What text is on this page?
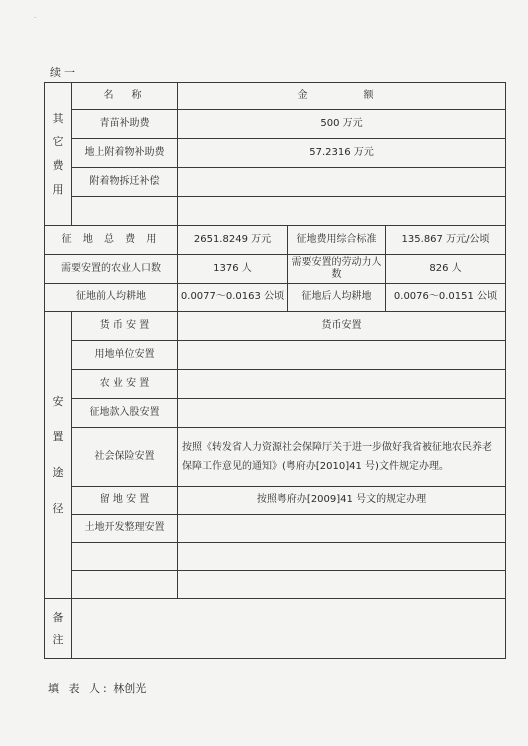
·
续一
其
它
费
用	名　称	金　　额		
	青苗补助费	500 万元		
	地上附着物补助费	57.2316 万元		
	附着物拆迁补偿			

征 地 总 费 用		2651.8249 万元	征地费用综合标准	135.867 万元/公顷
需要安置的农业人口数		1376 人	需要安置的劳动力人数	826 人
征地前人均耕地		0.0077～0.0163 公顷	征地后人均耕地	0.0076～0.0151 公顷

安
置
途
径	货 币 安 置	货币安置		
	用地单位安置			
	农 业 安 置			
	征地款入股安置			
	社会保险安置	按照《转发省人力资源社会保障厅关于进一步做好我省被征地农民养老保障工作意见的通知》(粤府办[2010]41 号)文件规定办理。		
	留 地 安 置	按照粤府办[2009]41 号文的规定办理		
	土地开发整理安置			

备
注				

填 表 人: 林创光
